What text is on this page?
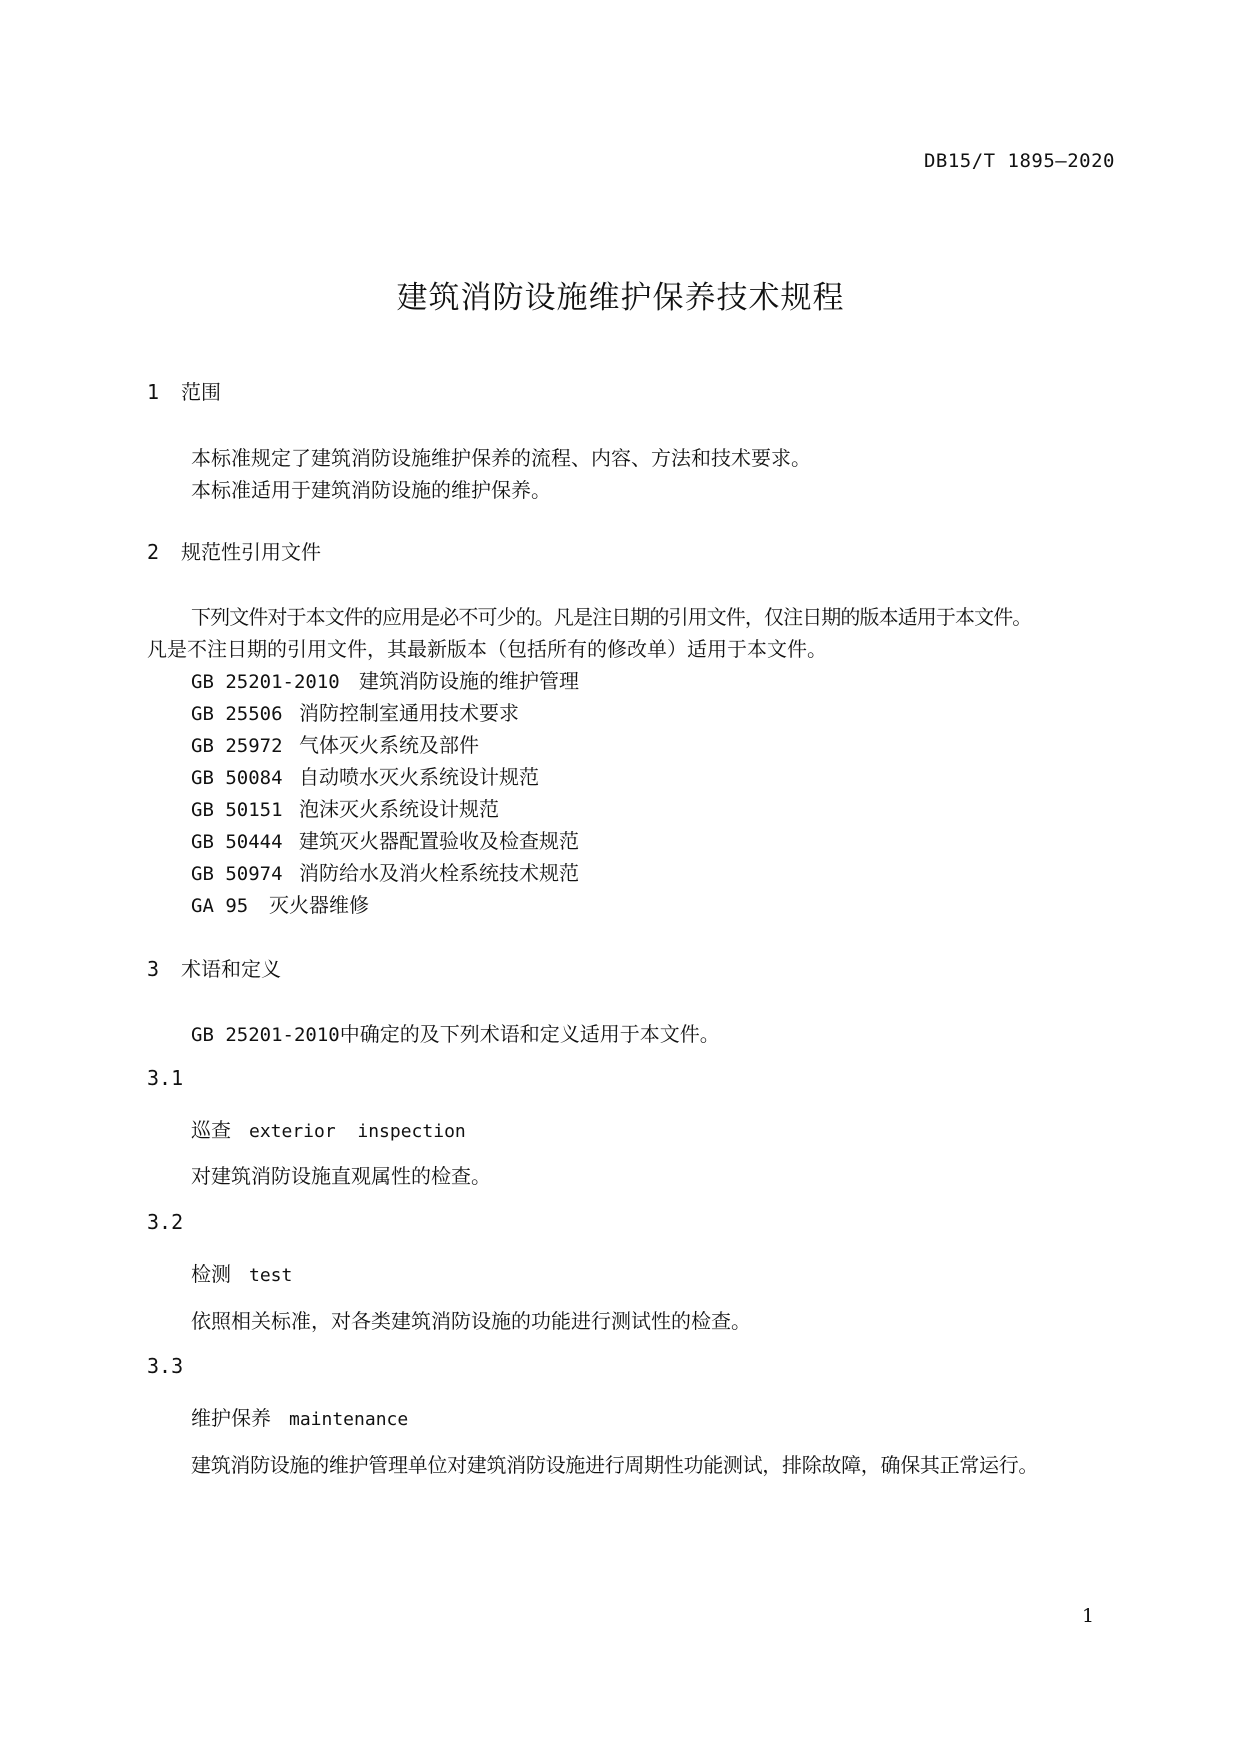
DB15/T 1895—2020
建筑消防设施维护保养技术规程
1 范围
本标准规定了建筑消防设施维护保养的流程、内容、方法和技术要求。
本标准适用于建筑消防设施的维护保养。
2 规范性引用文件
下列文件对于本文件的应用是必不可少的。凡是注日期的引用文件，仅注日期的版本适用于本文件。
凡是不注日期的引用文件，其最新版本（包括所有的修改单）适用于本文件。
GB 25201-2010 建筑消防设施的维护管理
GB 25506 消防控制室通用技术要求
GB 25972 气体灭火系统及部件
GB 50084 自动喷水灭火系统设计规范
GB 50151 泡沫灭火系统设计规范
GB 50444 建筑灭火器配置验收及检查规范
GB 50974 消防给水及消火栓系统技术规范
GA 95 灭火器维修
3 术语和定义
GB 25201-2010中确定的及下列术语和定义适用于本文件。
3.1
巡查 exterior  inspection
对建筑消防设施直观属性的检查。
3.2
检测 test
依照相关标准，对各类建筑消防设施的功能进行测试性的检查。
3.3
维护保养 maintenance
建筑消防设施的维护管理单位对建筑消防设施进行周期性功能测试，排除故障，确保其正常运行。
1
